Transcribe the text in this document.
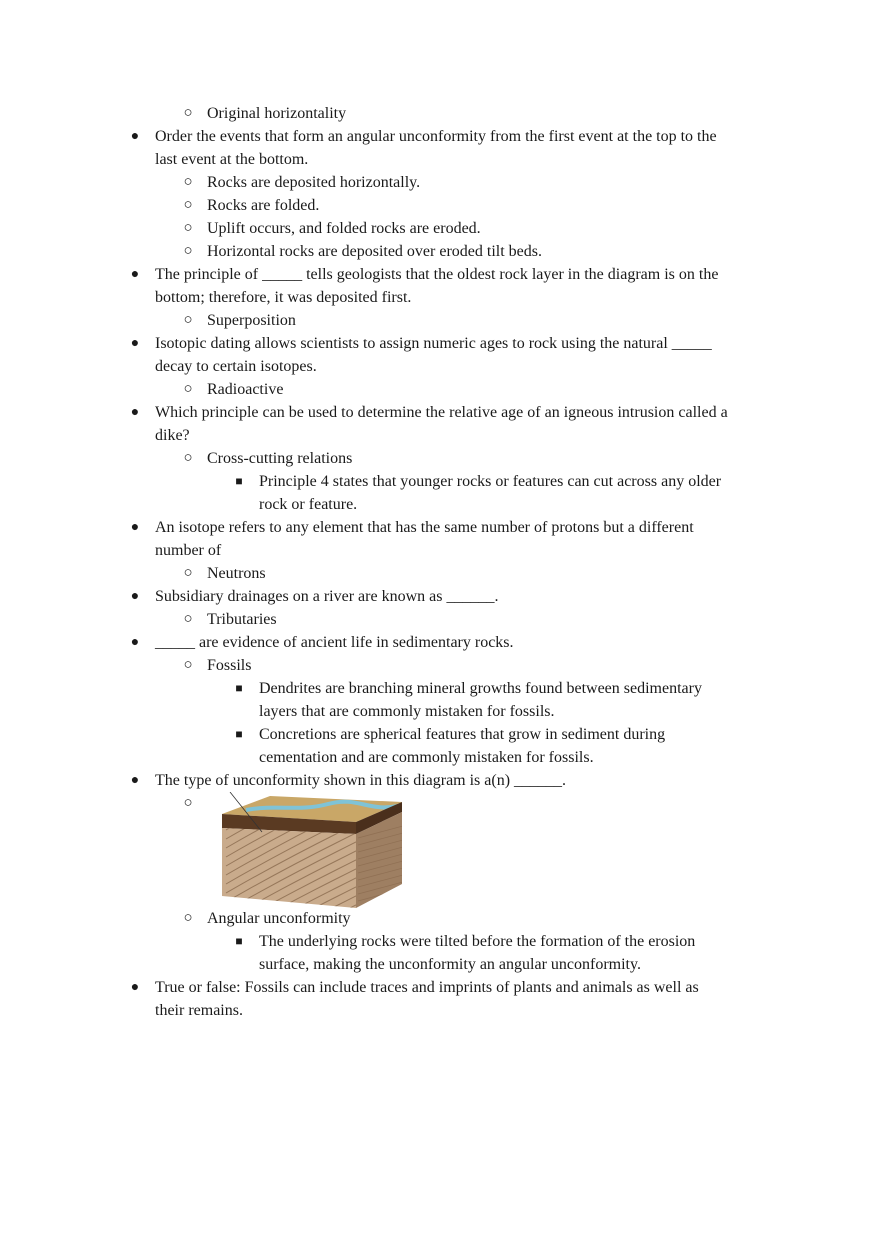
○ Original horizontality
● Order the events that form an angular unconformity from the first event at the top to the
last event at the bottom.
○ Rocks are deposited horizontally.
○ Rocks are folded.
○ Uplift occurs, and folded rocks are eroded.
○ Horizontal rocks are deposited over eroded tilt beds.
● The principle of _____ tells geologists that the oldest rock layer in the diagram is on the
bottom; therefore, it was deposited first.
○ Superposition
● Isotopic dating allows scientists to assign numeric ages to rock using the natural _____
decay to certain isotopes.
○ Radioactive
● Which principle can be used to determine the relative age of an igneous intrusion called a
dike?
○ Cross-cutting relations
■ Principle 4 states that younger rocks or features can cut across any older
rock or feature.
● An isotope refers to any element that has the same number of protons but a different
number of
○ Neutrons
● Subsidiary drainages on a river are known as ______.
○ Tributaries
● _____ are evidence of ancient life in sedimentary rocks.
○ Fossils
■ Dendrites are branching mineral growths found between sedimentary
layers that are commonly mistaken for fossils.
■ Concretions are spherical features that grow in sediment during
cementation and are commonly mistaken for fossils.
● The type of unconformity shown in this diagram is a(n) ______.
○
○ Angular unconformity
■ The underlying rocks were tilted before the formation of the erosion
surface, making the unconformity an angular unconformity.
● True or false: Fossils can include traces and imprints of plants and animals as well as
their remains.
